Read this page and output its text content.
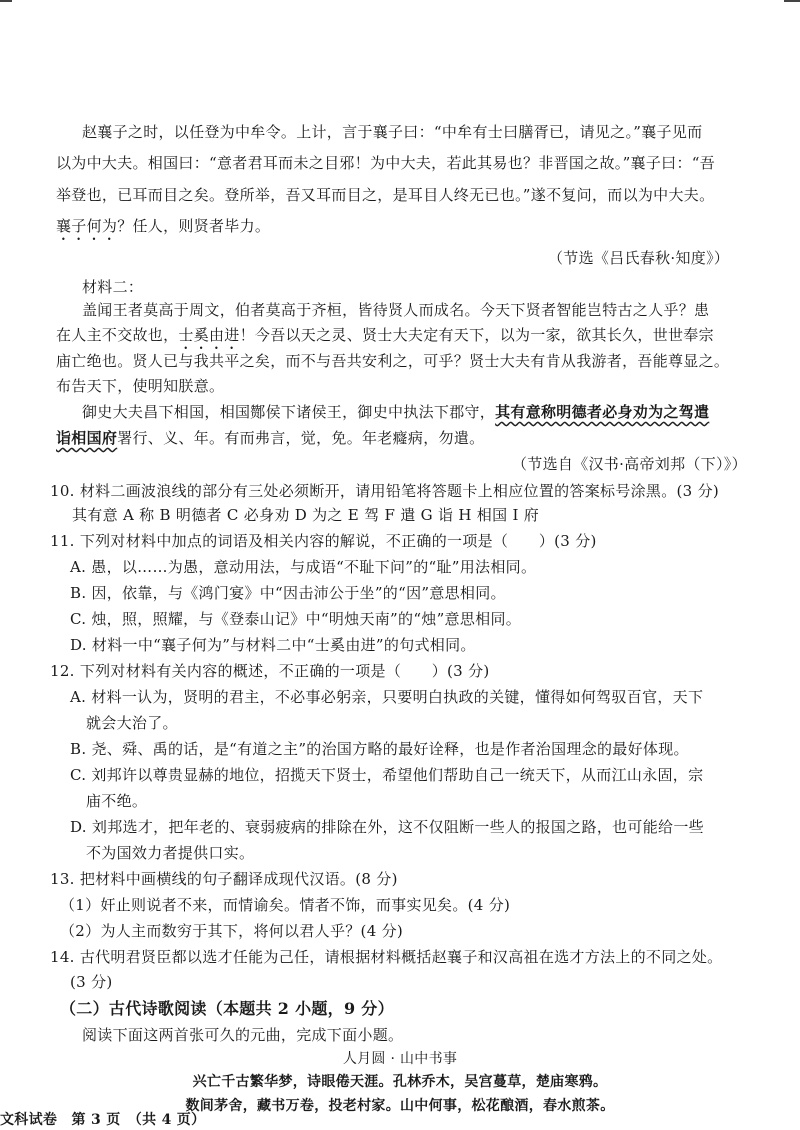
赵襄子之时，以任登为中牟令。上计，言于襄子曰：“中牟有士曰膳胥已，请见之。”襄子见而
以为中大夫。相国曰：“意者君耳而未之目邪！为中大夫，若此其易也？非晋国之故。”襄子曰：“吾
举登也，已耳而目之矣。登所举，吾又耳而目之，是耳目人终无已也。”遂不复问，而以为中大夫。
襄子何为？任人，则贤者毕力。
（节选《吕氏春秋·知度》）
材料二：
盖闻王者莫高于周文，伯者莫高于齐桓，皆待贤人而成名。今天下贤者智能岂特古之人乎？患
在人主不交故也，士奚由进！今吾以天之灵、贤士大夫定有天下，以为一家，欲其长久，世世奉宗
庙亡绝也。贤人已与我共平之矣，而不与吾共安利之，可乎？贤士大夫有肯从我游者，吾能尊显之。
布告天下，使明知朕意。
御史大夫昌下相国，相国酂侯下诸侯王，御史中执法下郡守，其有意称明德者必身劝为之驾遣
诣相国府署行、义、年。有而弗言，觉，免。年老癃病，勿遣。
（节选自《汉书·高帝刘邦（下）》）
10. 材料二画波浪线的部分有三处必须断开，请用铅笔将答题卡上相应位置的答案标号涂黑。(3 分)
其有意 A 称 B 明德者 C 必身劝 D 为之 E 驾 F 遣 G 诣 H 相国 I 府
11. 下列对材料中加点的词语及相关内容的解说，不正确的一项是（　　）(3 分)
A. 愚，以……为愚，意动用法，与成语“不耻下问”的“耻”用法相同。
B. 因，依靠，与《鸿门宴》中“因击沛公于坐”的“因”意思相同。
C. 烛，照，照耀，与《登泰山记》中“明烛天南”的“烛”意思相同。
D. 材料一中“襄子何为”与材料二中“士奚由进”的句式相同。
12. 下列对材料有关内容的概述，不正确的一项是（　　）(3 分)
A. 材料一认为，贤明的君主，不必事必躬亲，只要明白执政的关键，懂得如何驾驭百官，天下
就会大治了。
B. 尧、舜、禹的话，是“有道之主”的治国方略的最好诠释，也是作者治国理念的最好体现。
C. 刘邦许以尊贵显赫的地位，招揽天下贤士，希望他们帮助自己一统天下，从而江山永固，宗
庙不绝。
D. 刘邦选才，把年老的、衰弱疲病的排除在外，这不仅阻断一些人的报国之路，也可能给一些
不为国效力者提供口实。
13. 把材料中画横线的句子翻译成现代汉语。(8 分)
（1）奸止则说者不来，而情谕矣。情者不饰，而事实见矣。(4 分)
（2）为人主而数穷于其下，将何以君人乎？(4 分)
14. 古代明君贤臣都以选才任能为己任，请根据材料概括赵襄子和汉高祖在选才方法上的不同之处。
(3 分)
（二）古代诗歌阅读（本题共 2 小题，9 分）
阅读下面这两首张可久的元曲，完成下面小题。
人月圆 · 山中书事
兴亡千古繁华梦，诗眼倦天涯。孔林乔木，吴宫蔓草，楚庙寒鸦。
数间茅舍，藏书万卷，投老村家。山中何事，松花酿酒，春水煎茶。
文科试卷　第 3 页　（共 4 页）
